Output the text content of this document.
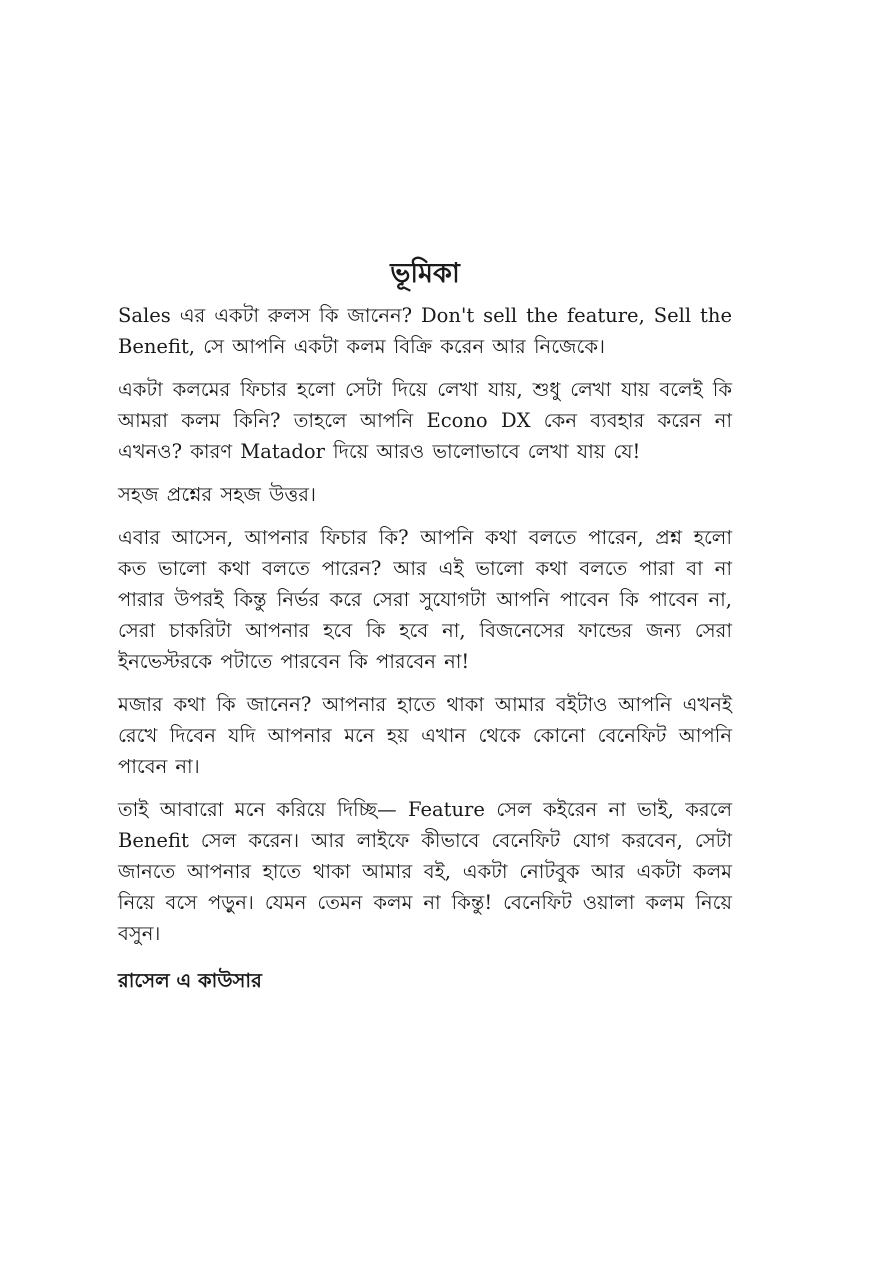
ভূমিকা

Sales এর একটা রুলস কি জানেন? Don't sell the feature, Sell the Benefit, সে আপনি একটা কলম বিক্রি করেন আর নিজেকে।

একটা কলমের ফিচার হলো সেটা দিয়ে লেখা যায়, শুধু লেখা যায় বলেই কি আমরা কলম কিনি? তাহলে আপনি Econo DX কেন ব্যবহার করেন না এখনও? কারণ Matador দিয়ে আরও ভালোভাবে লেখা যায় যে!

সহজ প্রশ্নের সহজ উত্তর।

এবার আসেন, আপনার ফিচার কি? আপনি কথা বলতে পারেন, প্রশ্ন হলো কত ভালো কথা বলতে পারেন? আর এই ভালো কথা বলতে পারা বা না পারার উপরই কিন্তু নির্ভর করে সেরা সুযোগটা আপনি পাবেন কি পাবেন না, সেরা চাকরিটা আপনার হবে কি হবে না, বিজনেসের ফান্ডের জন্য সেরা ইনভেস্টরকে পটাতে পারবেন কি পারবেন না!

মজার কথা কি জানেন? আপনার হাতে থাকা আমার বইটাও আপনি এখনই রেখে দিবেন যদি আপনার মনে হয় এখান থেকে কোনো বেনেফিট আপনি পাবেন না।

তাই আবারো মনে করিয়ে দিচ্ছি— Feature সেল কইরেন না ভাই, করলে Benefit সেল করেন। আর লাইফে কীভাবে বেনেফিট যোগ করবেন, সেটা জানতে আপনার হাতে থাকা আমার বই, একটা নোটবুক আর একটা কলম নিয়ে বসে পড়ুন। যেমন তেমন কলম না কিন্তু! বেনেফিট ওয়ালা কলম নিয়ে বসুন।

রাসেল এ কাউসার
